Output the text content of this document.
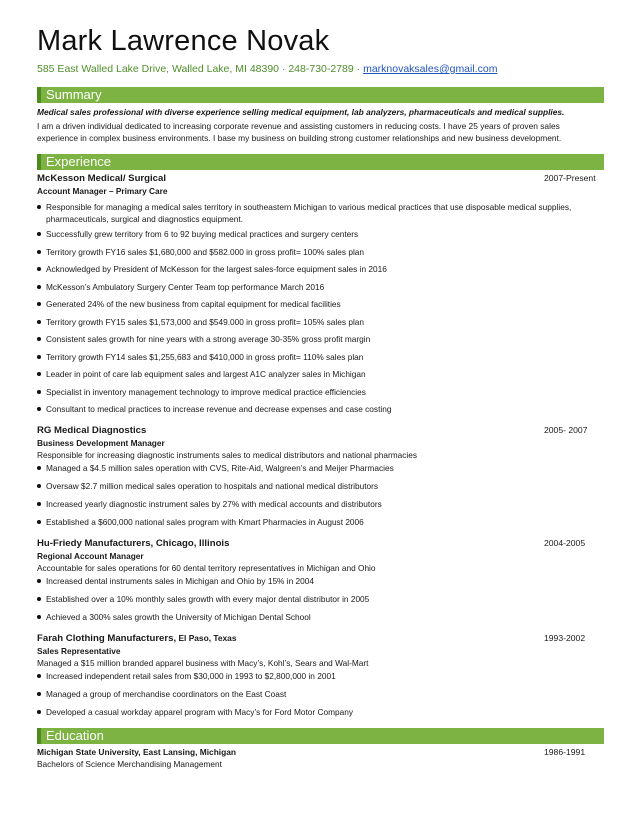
Mark Lawrence Novak
585 East Walled Lake Drive, Walled Lake, MI 48390 · 248-730-2789 · marknovaksales@gmail.com
Summary
Medical sales professional with diverse experience selling medical equipment, lab analyzers, pharmaceuticals and medical supplies.
I am a driven individual dedicated to increasing corporate revenue and assisting customers in reducing costs. I have 25 years of proven sales experience in complex business environments. I base my business on building strong customer relationships and new business development.
Experience
McKesson Medical/ Surgical	2007-Present
Account Manager – Primary Care
Responsible for managing a medical sales territory in southeastern Michigan to various medical practices that use disposable medical supplies, pharmaceuticals, surgical and diagnostics equipment.
Successfully grew territory from 6 to 92 buying medical practices and surgery centers
Territory growth FY16 sales $1,680,000 and $582.000 in gross profit= 100% sales plan
Acknowledged by President of McKesson for the largest sales-force equipment sales in 2016
McKesson’s Ambulatory Surgery Center Team top performance March 2016
Generated 24% of the new business from capital equipment for medical facilities
Territory growth FY15 sales $1,573,000 and $549.000 in gross profit= 105% sales plan
Consistent sales growth for nine years with a strong average 30-35% gross profit margin
Territory growth FY14 sales $1,255,683 and $410,000 in gross profit= 110% sales plan
Leader in point of care lab equipment sales and largest A1C analyzer sales in Michigan
Specialist in inventory management technology to improve medical practice efficiencies
Consultant to medical practices to increase revenue and decrease expenses and case costing
RG Medical Diagnostics	2005- 2007
Business Development Manager
Responsible for increasing diagnostic instruments sales to medical distributors and national pharmacies
Managed a $4.5 million sales operation with CVS, Rite-Aid, Walgreen’s and Meijer Pharmacies
Oversaw $2.7 million medical sales operation to hospitals and national medical distributors
Increased yearly diagnostic instrument sales by 27% with medical accounts and distributors
Established a $600,000 national sales program with Kmart Pharmacies in August 2006
Hu-Friedy Manufacturers, Chicago, Illinois	2004-2005
Regional Account Manager
Accountable for sales operations for 60 dental territory representatives in Michigan and Ohio
Increased dental instruments sales in Michigan and Ohio by 15% in 2004
Established over a 10% monthly sales growth with every major dental distributor in 2005
Achieved a 300% sales growth the University of Michigan Dental School
Farah Clothing Manufacturers, El Paso, Texas	1993-2002
Sales Representative
Managed a $15 million branded apparel business with Macy’s, Kohl’s, Sears and Wal-Mart
Increased independent retail sales from $30,000 in 1993 to $2,800,000 in 2001
Managed a group of merchandise coordinators on the East Coast
Developed a casual workday apparel program with Macy’s for Ford Motor Company
Education
Michigan State University, East Lansing, Michigan	1986-1991
Bachelors of Science Merchandising Management
